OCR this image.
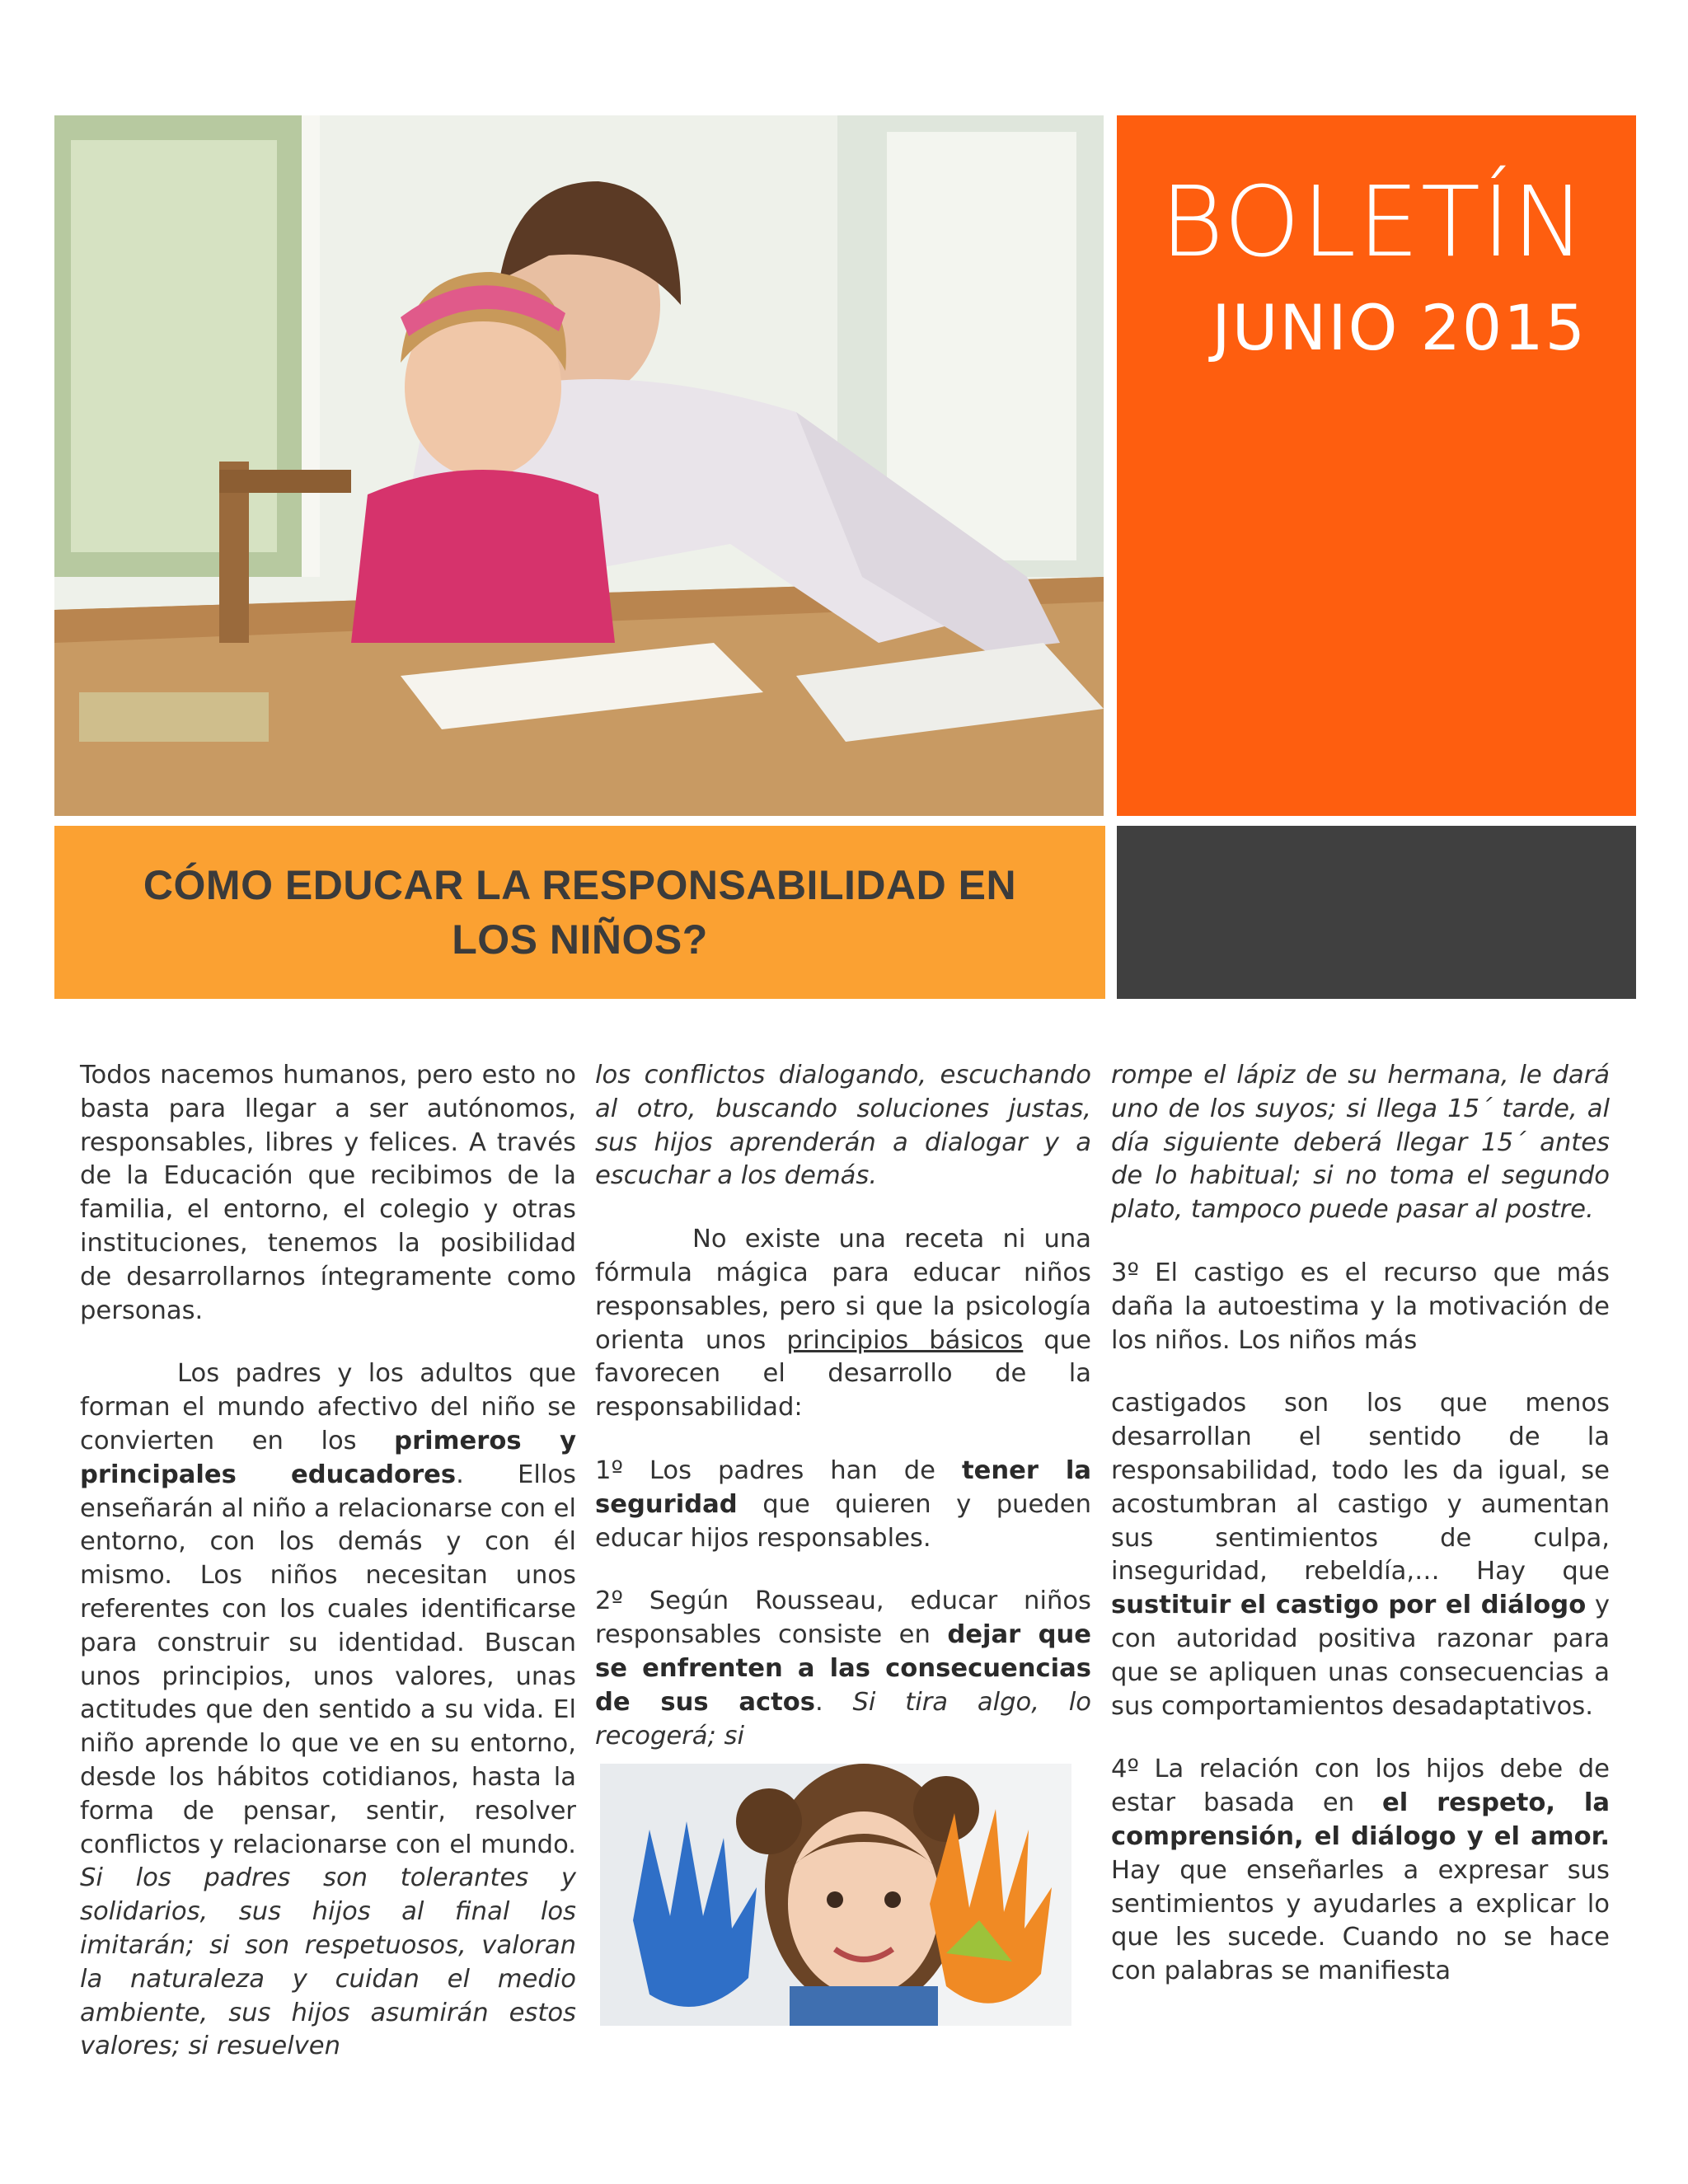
BOLETÍN
JUNIO 2015
CÓMO EDUCAR LA RESPONSABILIDAD EN
LOS NIÑOS?

Todos nacemos humanos, pero esto no basta para llegar a ser autónomos, responsables, libres y felices. A través de la Educación que recibimos de la familia, el entorno, el colegio y otras instituciones, tenemos la posibilidad de desarrollarnos íntegramente como personas.

Los padres y los adultos que forman el mundo afectivo del niño se convierten en los primeros y principales educadores. Ellos enseñarán al niño a relacionarse con el entorno, con los demás y con él mismo. Los niños necesitan unos referentes con los cuales identificarse para construir su identidad. Buscan unos principios, unos valores, unas actitudes que den sentido a su vida. El niño aprende lo que ve en su entorno, desde los hábitos cotidianos, hasta la forma de pensar, sentir, resolver conflictos y relacionarse con el mundo. Si los padres son tolerantes y solidarios, sus hijos al final los imitarán; si son respetuosos, valoran la naturaleza y cuidan el medio ambiente, sus hijos asumirán estos valores; si resuelven

los conflictos dialogando, escuchando al otro, buscando soluciones justas, sus hijos aprenderán a dialogar y a escuchar a los demás.

No existe una receta ni una fórmula mágica para educar niños responsables, pero si que la psicología orienta unos principios básicos que favorecen el desarrollo de la responsabilidad:

1º Los padres han de tener la seguridad que quieren y pueden educar hijos responsables.

2º Según Rousseau, educar niños responsables consiste en dejar que se enfrenten a las consecuencias de sus actos. Si tira algo, lo recogerá; si

rompe el lápiz de su hermana, le dará uno de los suyos; si llega 15´ tarde, al día siguiente deberá llegar 15´ antes de lo habitual; si no toma el segundo plato, tampoco puede pasar al postre.

3º El castigo es el recurso que más daña la autoestima y la motivación de los niños. Los niños más

castigados son los que menos desarrollan el sentido de la responsabilidad, todo les da igual, se acostumbran al castigo y aumentan sus sentimientos de culpa, inseguridad, rebeldía,… Hay que sustituir el castigo por el diálogo y con autoridad positiva razonar para que se apliquen unas consecuencias a sus comportamientos desadaptativos.

4º La relación con los hijos debe de estar basada en el respeto, la comprensión, el diálogo y el amor. Hay que enseñarles a expresar sus sentimientos y ayudarles a explicar lo que les sucede. Cuando no se hace con palabras se manifiesta
